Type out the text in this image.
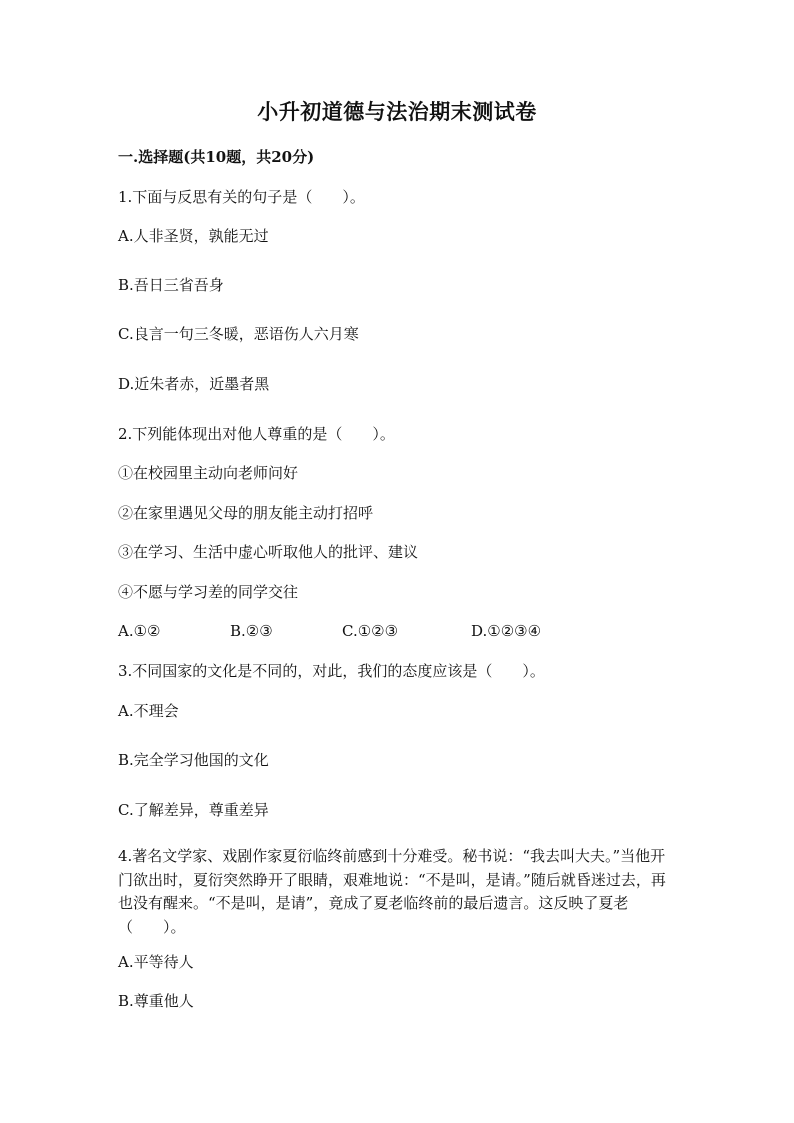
小升初道德与法治期末测试卷
一.选择题(共10题，共20分)
1.下面与反思有关的句子是（　　）。
A.人非圣贤，孰能无过
B.吾日三省吾身
C.良言一句三冬暖，恶语伤人六月寒
D.近朱者赤，近墨者黑
2.下列能体现出对他人尊重的是（　　）。
①在校园里主动向老师问好
②在家里遇见父母的朋友能主动打招呼
③在学习、生活中虚心听取他人的批评、建议
④不愿与学习差的同学交往
A.①②	B.②③	C.①②③	D.①②③④
3.不同国家的文化是不同的，对此，我们的态度应该是（　　）。
A.不理会
B.完全学习他国的文化
C.了解差异，尊重差异
4.著名文学家、戏剧作家夏衍临终前感到十分难受。秘书说：“我去叫大夫。”当他开门欲出时，夏衍突然睁开了眼睛，艰难地说：“不是叫，是请。”随后就昏迷过去，再也没有醒来。“不是叫，是请”，竟成了夏老临终前的最后遗言。这反映了夏老（　　）。
A.平等待人
B.尊重他人
